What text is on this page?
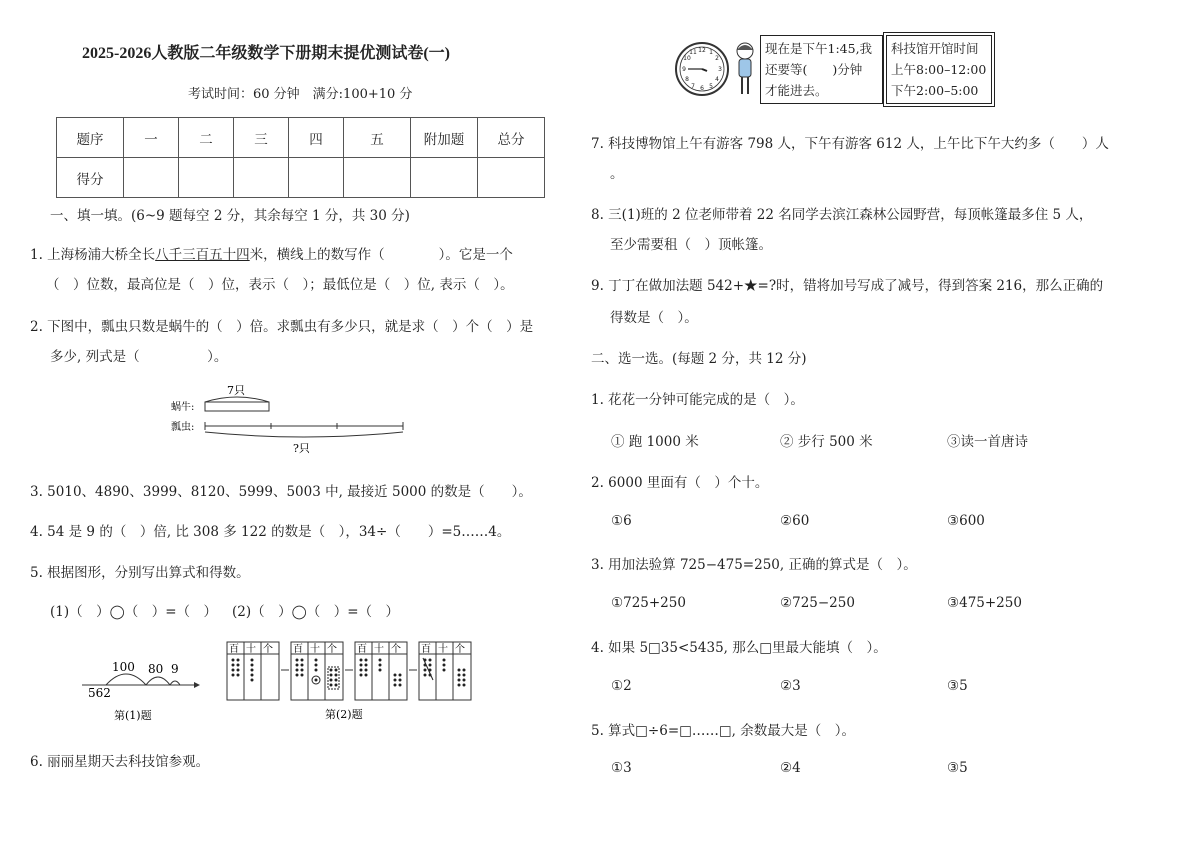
2025-2026人教版二年级数学下册期末提优测试卷(一)
考试时间：60 分钟　满分:100+10 分
题序	一	二	三	四	五	附加题	总分
得分							
一、填一填。(6~9 题每空 2 分，其余每空 1 分，共 30 分)
1. 上海杨浦大桥全长八千三百五十四米，横线上的数写作（　　　　）。它是一个
（　）位数，最高位是（　）位，表示（　）；最低位是（　）位, 表示（　）。
2. 下图中，瓢虫只数是蜗牛的（　）倍。求瓢虫有多少只，就是求（　）个（　）是
多少, 列式是（　　　　　）。
7只
蜗牛:
瓢虫:
?只
3. 5010、4890、3999、8120、5999、5003 中, 最接近 5000 的数是（　　）。
4. 54 是 9 的（　）倍, 比 308 多 122 的数是（　），34÷（　　）=5……4。
5. 根据图形，分别写出算式和得数。
(1)（　）◯（　）=（　） (2)（　）◯（　）=（　）
100 80 9
562
第(1)题
百 十 个 百 十 个 百 十 个 百 十 个
第(2)题
6. 丽丽星期天去科技馆参观。
12 1
2
3
4
5
6
7
8
9
10
11	现在是下午1:45,我
还要等(　　)分钟
才能进去。
科技馆开馆时间
上午8:00–12:00
下午2:00–5:00
7. 科技博物馆上午有游客 798 人，下午有游客 612 人，上午比下午大约多（　　）人
。
8. 三(1)班的 2 位老师带着 22 名同学去滨江森林公园野营，每顶帐篷最多住 5 人，
至少需要租（　）顶帐篷。
9. 丁丁在做加法题 542+★=?时，错将加号写成了减号，得到答案 216，那么正确的
得数是（　）。
二、选一选。(每题 2 分，共 12 分)
1. 花花一分钟可能完成的是（　）。
① 跑 1000 米	② 步行 500 米	③读一首唐诗
2. 6000 里面有（　）个十。
①6	②60	③600
3. 用加法验算 725−475=250, 正确的算式是（　）。
①725+250	②725−250	③475+250
4. 如果 5□35<5435, 那么□里最大能填（　）。
①2	②3	③5
5. 算式□÷6=□……□, 余数最大是（　）。
①3	②4	③5
